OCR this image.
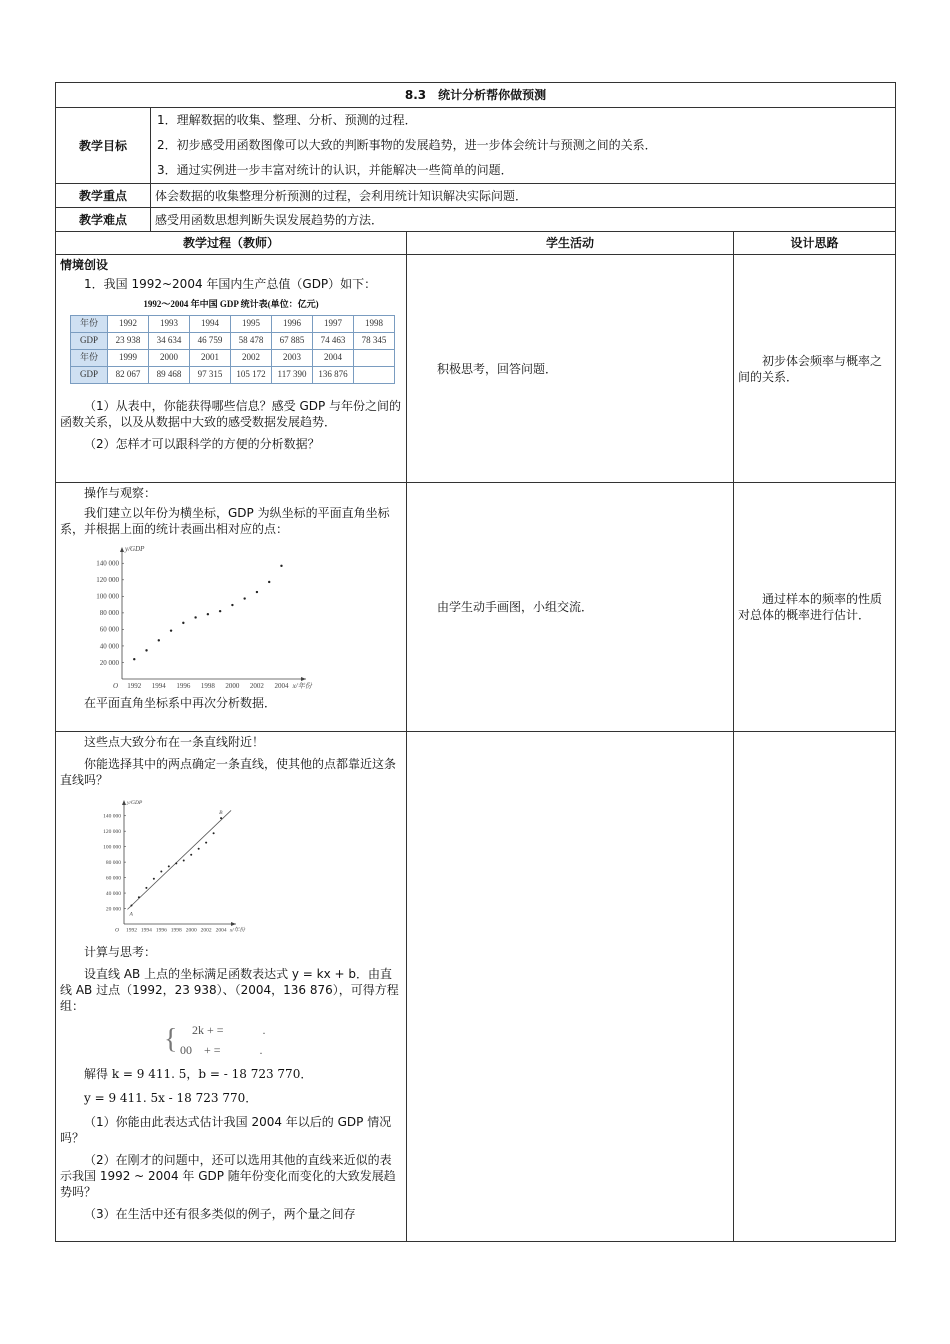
8.3　统计分析帮你做预测
教学目标	
1．理解数据的收集、整理、分析、预测的过程．
2．初步感受用函数图像可以大致的判断事物的发展趋势，进一步体会统计与预测之间的关系．
3．通过实例进一步丰富对统计的认识，并能解决一些简单的问题．

教学重点	体会数据的收集整理分析预测的过程，会利用统计知识解决实际问题．
教学难点	感受用函数思想判断失误发展趋势的方法．
教学过程（教师）	学生活动	设计思路

情境创设
1．我国 1992~2004 年国内生产总值（GDP）如下：
1992～2004 年中国 GDP 统计表(单位：亿元)
年份	1992	1993	1994	1995	1996	1997	1998
GDP	23 938	34 634	46 759	58 478	67 885	74 463	78 345
年份	1999	2000	2001	2002	2003	2004	
GDP	82 067	89 468	97 315	105 172	117 390	136 876	
（1）从表中，你能获得哪些信息？感受 GDP 与年份之间的函数关系，以及从数据中大致的感受数据发展趋势．
（2）怎样才可以跟科学的方便的分析数据？
	积极思考，回答问题．	初步体会频率与概率之间的关系．

操作与观察：
我们建立以年份为横坐标，GDP 为纵坐标的平面直角坐标系，并根据上面的统计表画出相对应的点：
y/GDP
O
20 000
40 000
60 000
80 000
100 000
120 000
140 000
1992 1994 1996 1998 2000 2002 2004 x/年份
在平面直角坐标系中再次分析数据．
	由学生动手画图，小组交流．	通过样本的频率的性质对总体的概率进行估计．

这些点大致分布在一条直线附近！
你能选择其中的两点确定一条直线，使其他的点都靠近这条直线吗？
y/GDP
O
20 000
40 000
60 000
80 000
100 000
120 000
140 000
1992 1994 1996 1998 2000 2002 2004 x/年份
A
B
计算与思考：
设直线 AB 上点的坐标满足函数表达式 y = kx + b．由直线 AB 过点（1992，23 938）、（2004，136 876），可得方程组：
{	2k + =　　　 .
00　+ =　　　 .
解得 k = 9 411. 5，b = - 18 723 770．
y = 9 411. 5x - 18 723 770．
（1）你能由此表达式估计我国 2004 年以后的 GDP 情况吗？
（2）在刚才的问题中，还可以选用其他的直线来近似的表示我国 1992 ~ 2004 年 GDP 随年份变化而变化的大致发展趋势吗？
（3）在生活中还有很多类似的例子，两个量之间存
